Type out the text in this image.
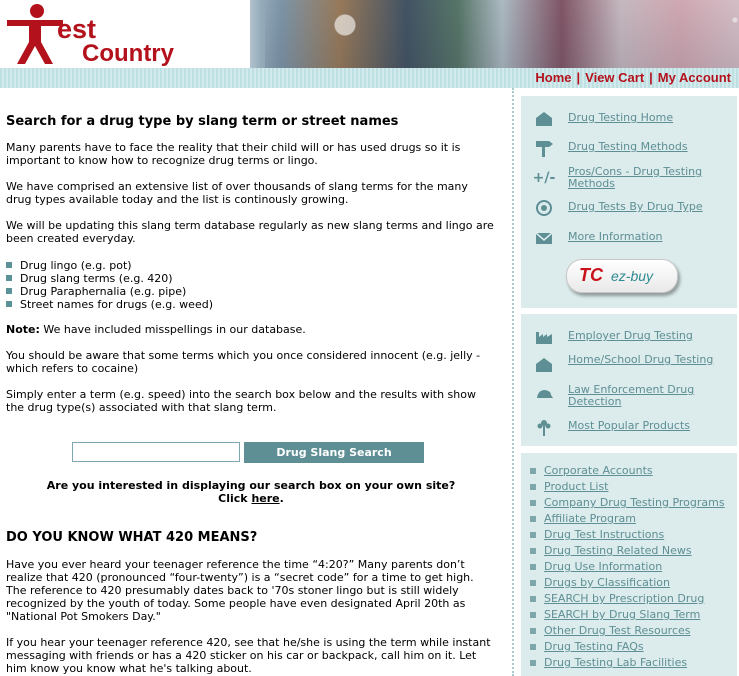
est
Country
Home | View Cart | My Account
Search for a drug type by slang term or street names
Many parents have to face the reality that their child will or has used drugs so it is important to know how to recognize drug terms or lingo.
We have comprised an extensive list of over thousands of slang terms for the many drug types available today and the list is continously growing.
We will be updating this slang term database regularly as new slang terms and lingo are been created everyday.
Drug lingo (e.g. pot)
Drug slang terms (e.g. 420)
Drug Paraphernalia (e.g. pipe)
Street names for drugs (e.g. weed)
Note: We have included misspellings in our database.
You should be aware that some terms which you once considered innocent (e.g. jelly - which refers to cocaine)
Simply enter a term (e.g. speed) into the search box below and the results with show the drug type(s) associated with that slang term.
Drug Slang Search
Are you interested in displaying our search box on your own site?
Click here.
DO YOU KNOW WHAT 420 MEANS?
Have you ever heard your teenager reference the time “4:20?” Many parents don’t realize that 420 (pronounced “four-twenty”) is a “secret code” for a time to get high. The reference to 420 presumably dates back to '70s stoner lingo but is still widely recognized by the youth of today. Some people have even designated April 20th as "National Pot Smokers Day."
If you hear your teenager reference 420, see that he/she is using the term while instant messaging with friends or has a 420 sticker on his car or backpack, call him on it. Let him know you know what he's talking about.
Drug Testing Home
Drug Testing Methods
+/-	Pros/Cons - Drug Testing Methods
Drug Tests By Drug Type
More Information
TC ez-buy
Employer Drug Testing
Home/School Drug Testing
Law Enforcement Drug Detection
Most Popular Products
Corporate Accounts
Product List
Company Drug Testing Programs
Affiliate Program
Drug Test Instructions
Drug Testing Related News
Drug Use Information
Drugs by Classification
SEARCH by Prescription Drug
SEARCH by Drug Slang Term
Other Drug Test Resources
Drug Testing FAQs
Drug Testing Lab Facilities
